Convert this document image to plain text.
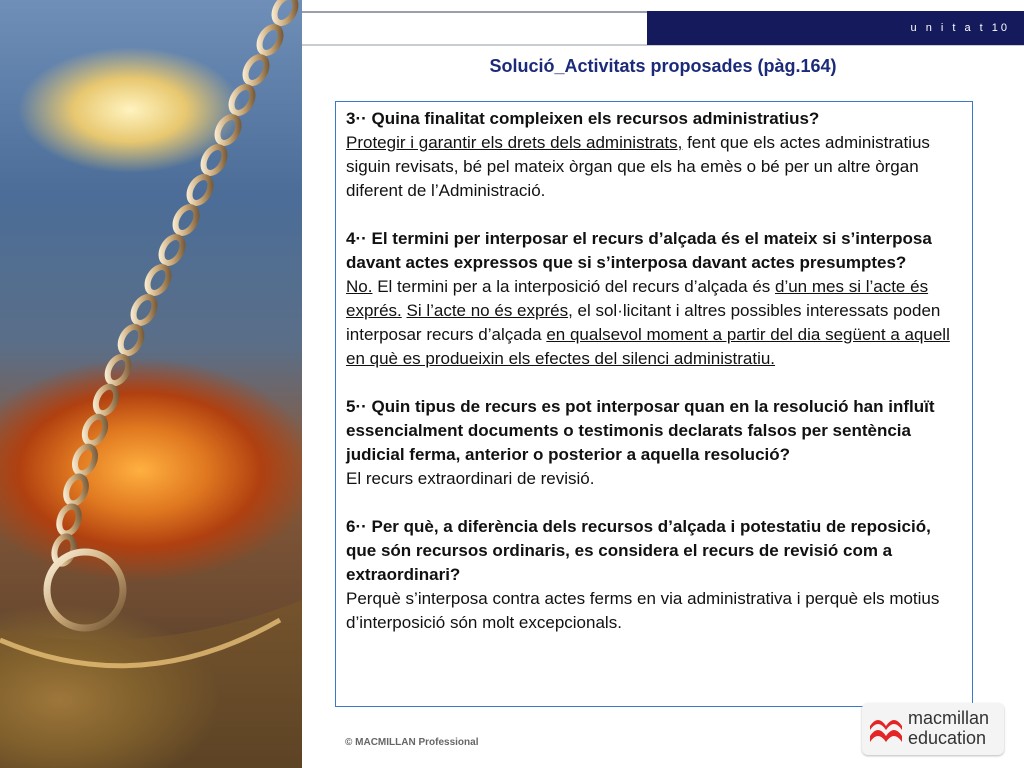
u n i t a t 10
Solució_Activitats proposades (pàg.164)

3·· Quina finalitat compleixen els recursos administratius?

Protegir i garantir els drets dels administrats, fent que els actes administratius siguin revisats, bé pel mateix òrgan que els ha emès o bé per un altre òrgan diferent de l’Administració.

4·· El termini per interposar el recurs d’alçada és el mateix si s’interposa davant actes expressos que si s’interposa davant actes presumptes?

No. El termini per a la interposició del recurs d’alçada és d’un mes si l’acte és exprés. Si l’acte no és exprés, el sol·licitant i altres possibles interessats poden interposar recurs d’alçada en qualsevol moment a partir del dia següent a aquell en què es produeixin els efectes del silenci administratiu.

5·· Quin tipus de recurs es pot interposar quan en la resolució han influït essencialment documents o testimonis declarats falsos per sentència judicial ferma, anterior o posterior a aquella resolució?

El recurs extraordinari de revisió.

6·· Per què, a diferència dels recursos d’alçada i potestatiu de reposició, que són recursos ordinaris, es considera el recurs de revisió com a extraordinari?

Perquè s’interposa contra actes ferms en via administrativa i perquè els motius d’interposició són molt excepcionals.

© MACMILLAN Professional
macmillan
education
